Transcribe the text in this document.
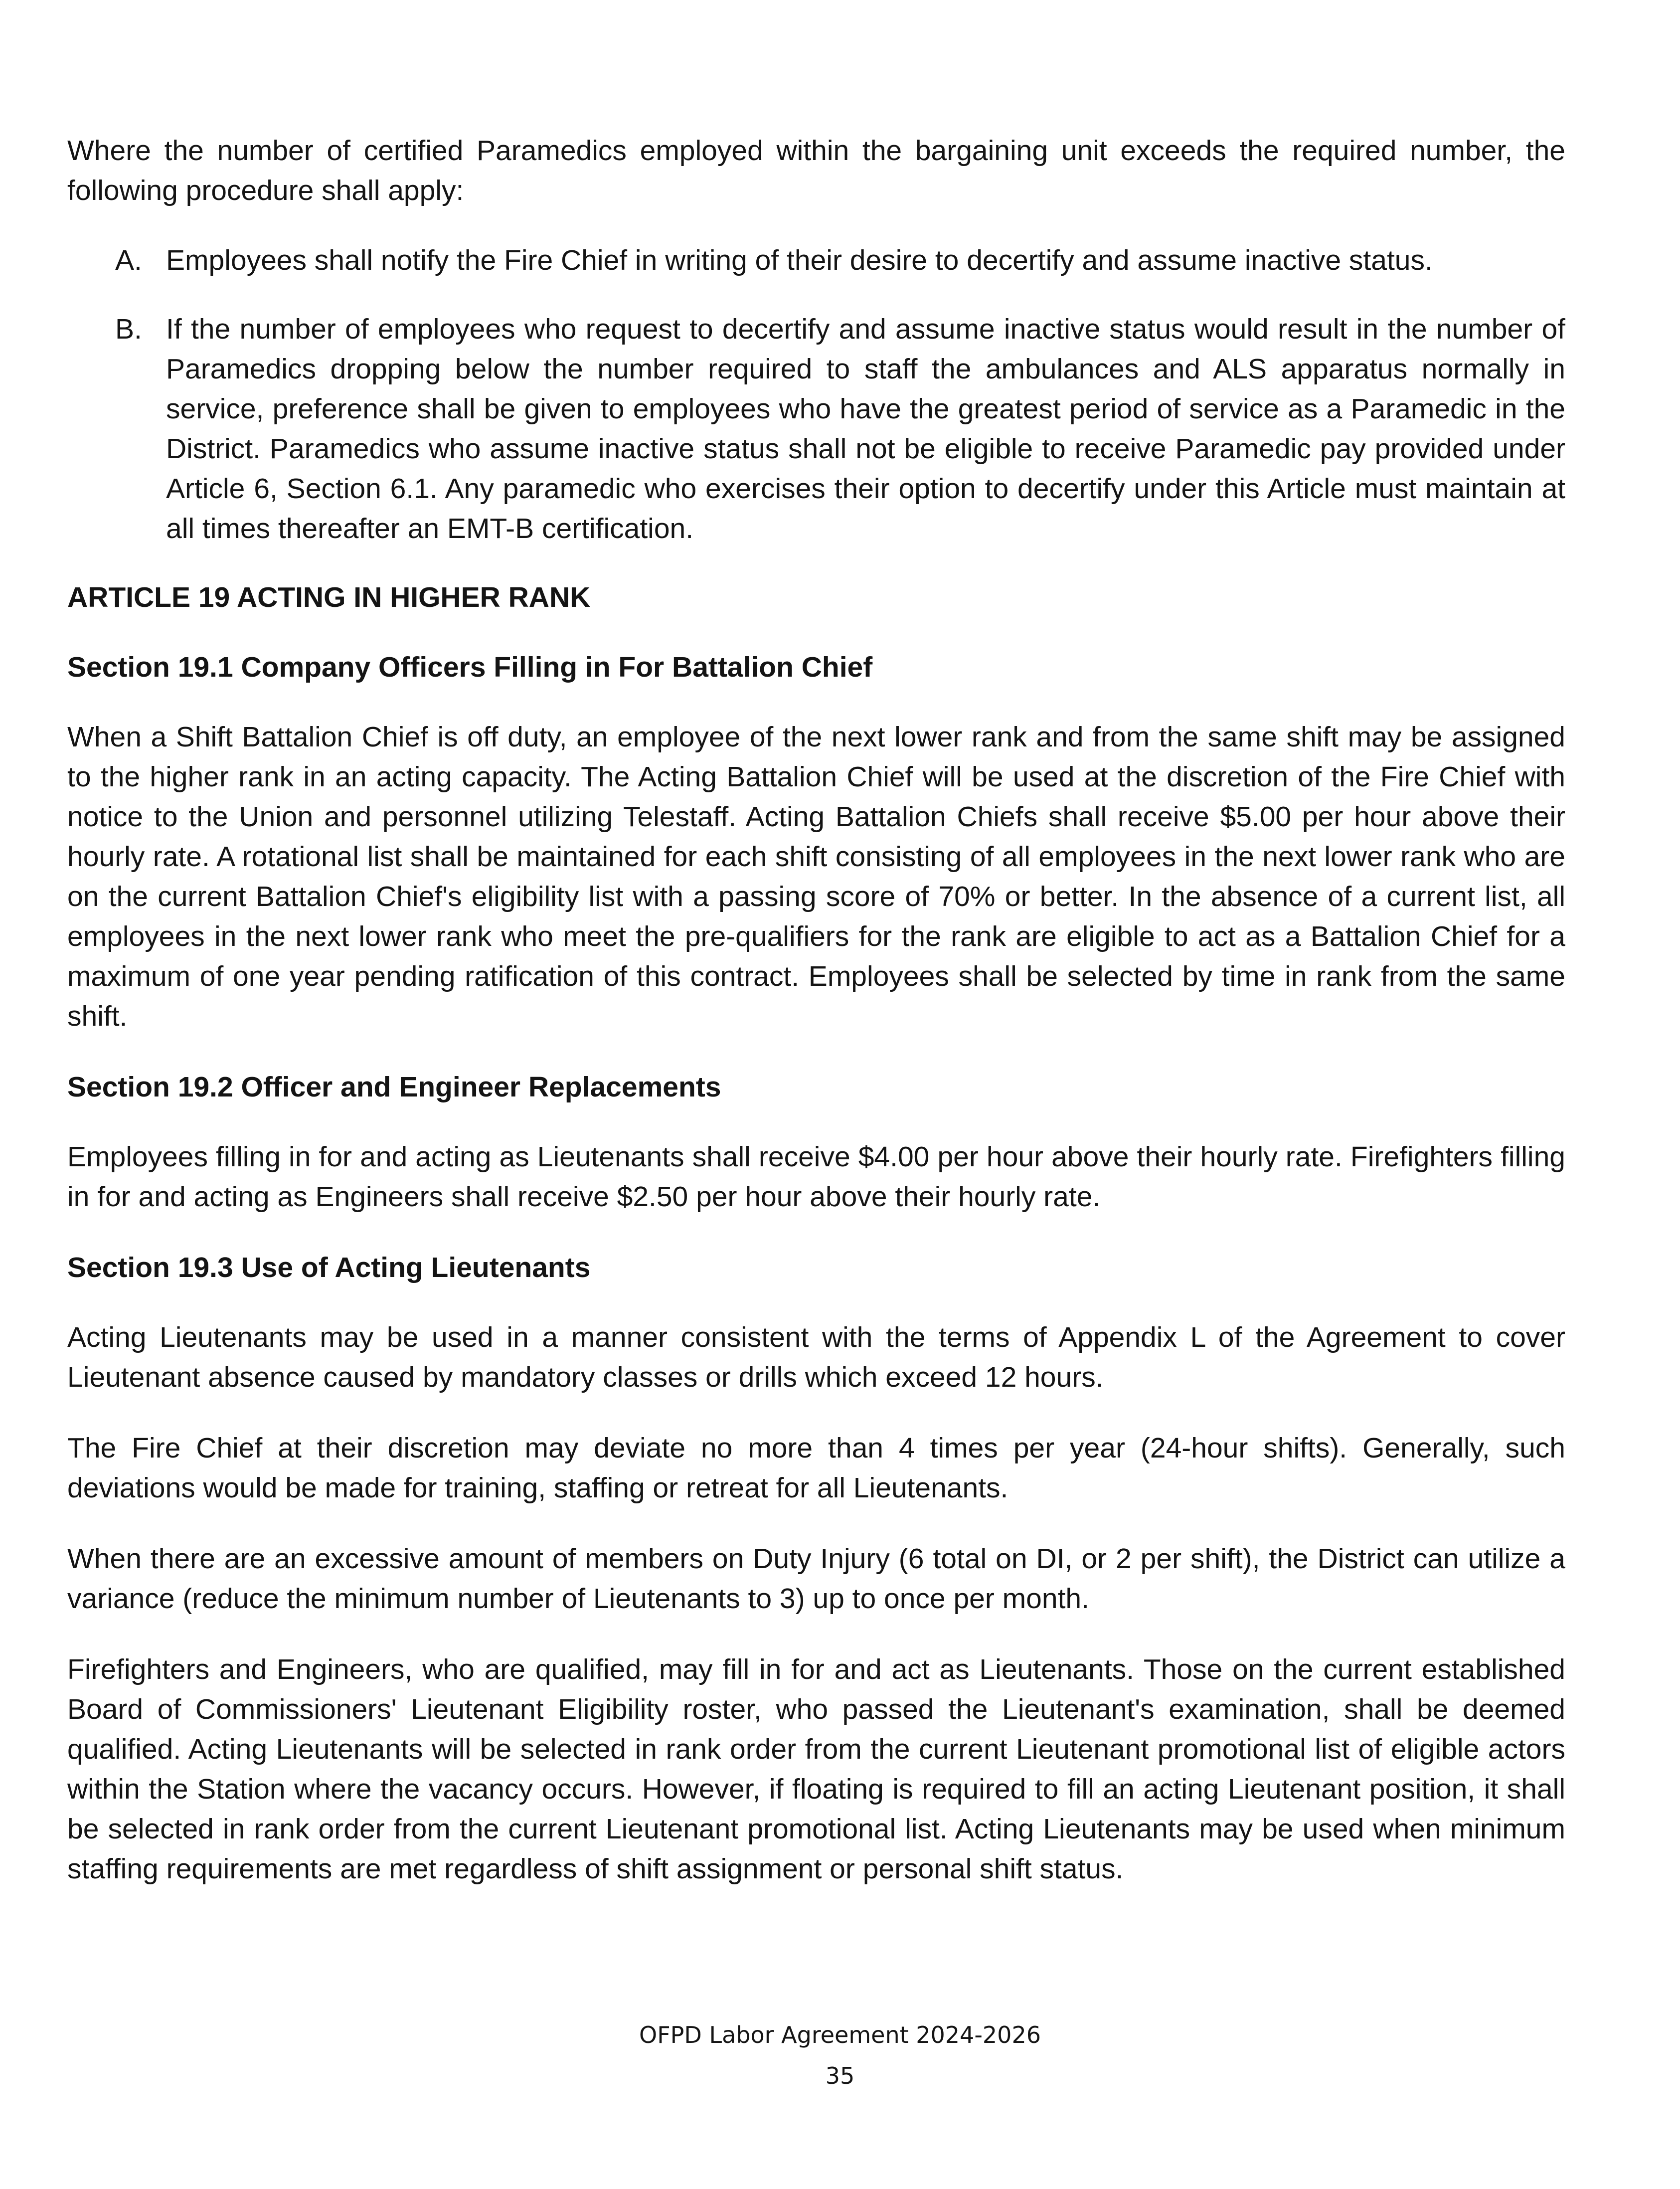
Where the number of certified Paramedics employed within the bargaining unit exceeds the required number, the following procedure shall apply:

A. Employees shall notify the Fire Chief in writing of their desire to decertify and assume inactive status.
B. If the number of employees who request to decertify and assume inactive status would result in the number of Paramedics dropping below the number required to staff the ambulances and ALS apparatus normally in service, preference shall be given to employees who have the greatest period of service as a Paramedic in the District. Paramedics who assume inactive status shall not be eligible to receive Paramedic pay provided under Article 6, Section 6.1. Any paramedic who exercises their option to decertify under this Article must maintain at all times thereafter an EMT-B certification.
ARTICLE 19 ACTING IN HIGHER RANK
Section 19.1 Company Officers Filling in For Battalion Chief

When a Shift Battalion Chief is off duty, an employee of the next lower rank and from the same shift may be assigned to the higher rank in an acting capacity. The Acting Battalion Chief will be used at the discretion of the Fire Chief with notice to the Union and personnel utilizing Telestaff. Acting Battalion Chiefs shall receive $5.00 per hour above their hourly rate. A rotational list shall be maintained for each shift consisting of all employees in the next lower rank who are on the current Battalion Chief's eligibility list with a passing score of 70% or better. In the absence of a current list, all employees in the next lower rank who meet the pre-qualifiers for the rank are eligible to act as a Battalion Chief for a maximum of one year pending ratification of this contract. Employees shall be selected by time in rank from the same shift.

Section 19.2 Officer and Engineer Replacements

Employees filling in for and acting as Lieutenants shall receive $4.00 per hour above their hourly rate. Firefighters filling in for and acting as Engineers shall receive $2.50 per hour above their hourly rate.

Section 19.3 Use of Acting Lieutenants

Acting Lieutenants may be used in a manner consistent with the terms of Appendix L of the Agreement to cover Lieutenant absence caused by mandatory classes or drills which exceed 12 hours.

The Fire Chief at their discretion may deviate no more than 4 times per year (24-hour shifts). Generally, such deviations would be made for training, staffing or retreat for all Lieutenants.

When there are an excessive amount of members on Duty Injury (6 total on DI, or 2 per shift), the District can utilize a variance (reduce the minimum number of Lieutenants to 3) up to once per month.

Firefighters and Engineers, who are qualified, may fill in for and act as Lieutenants. Those on the current established Board of Commissioners' Lieutenant Eligibility roster, who passed the Lieutenant's examination, shall be deemed qualified. Acting Lieutenants will be selected in rank order from the current Lieutenant promotional list of eligible actors within the Station where the vacancy occurs. However, if floating is required to fill an acting Lieutenant position, it shall be selected in rank order from the current Lieutenant promotional list. Acting Lieutenants may be used when minimum staffing requirements are met regardless of shift assignment or personal shift status.

OFPD Labor Agreement 2024-2026
35
